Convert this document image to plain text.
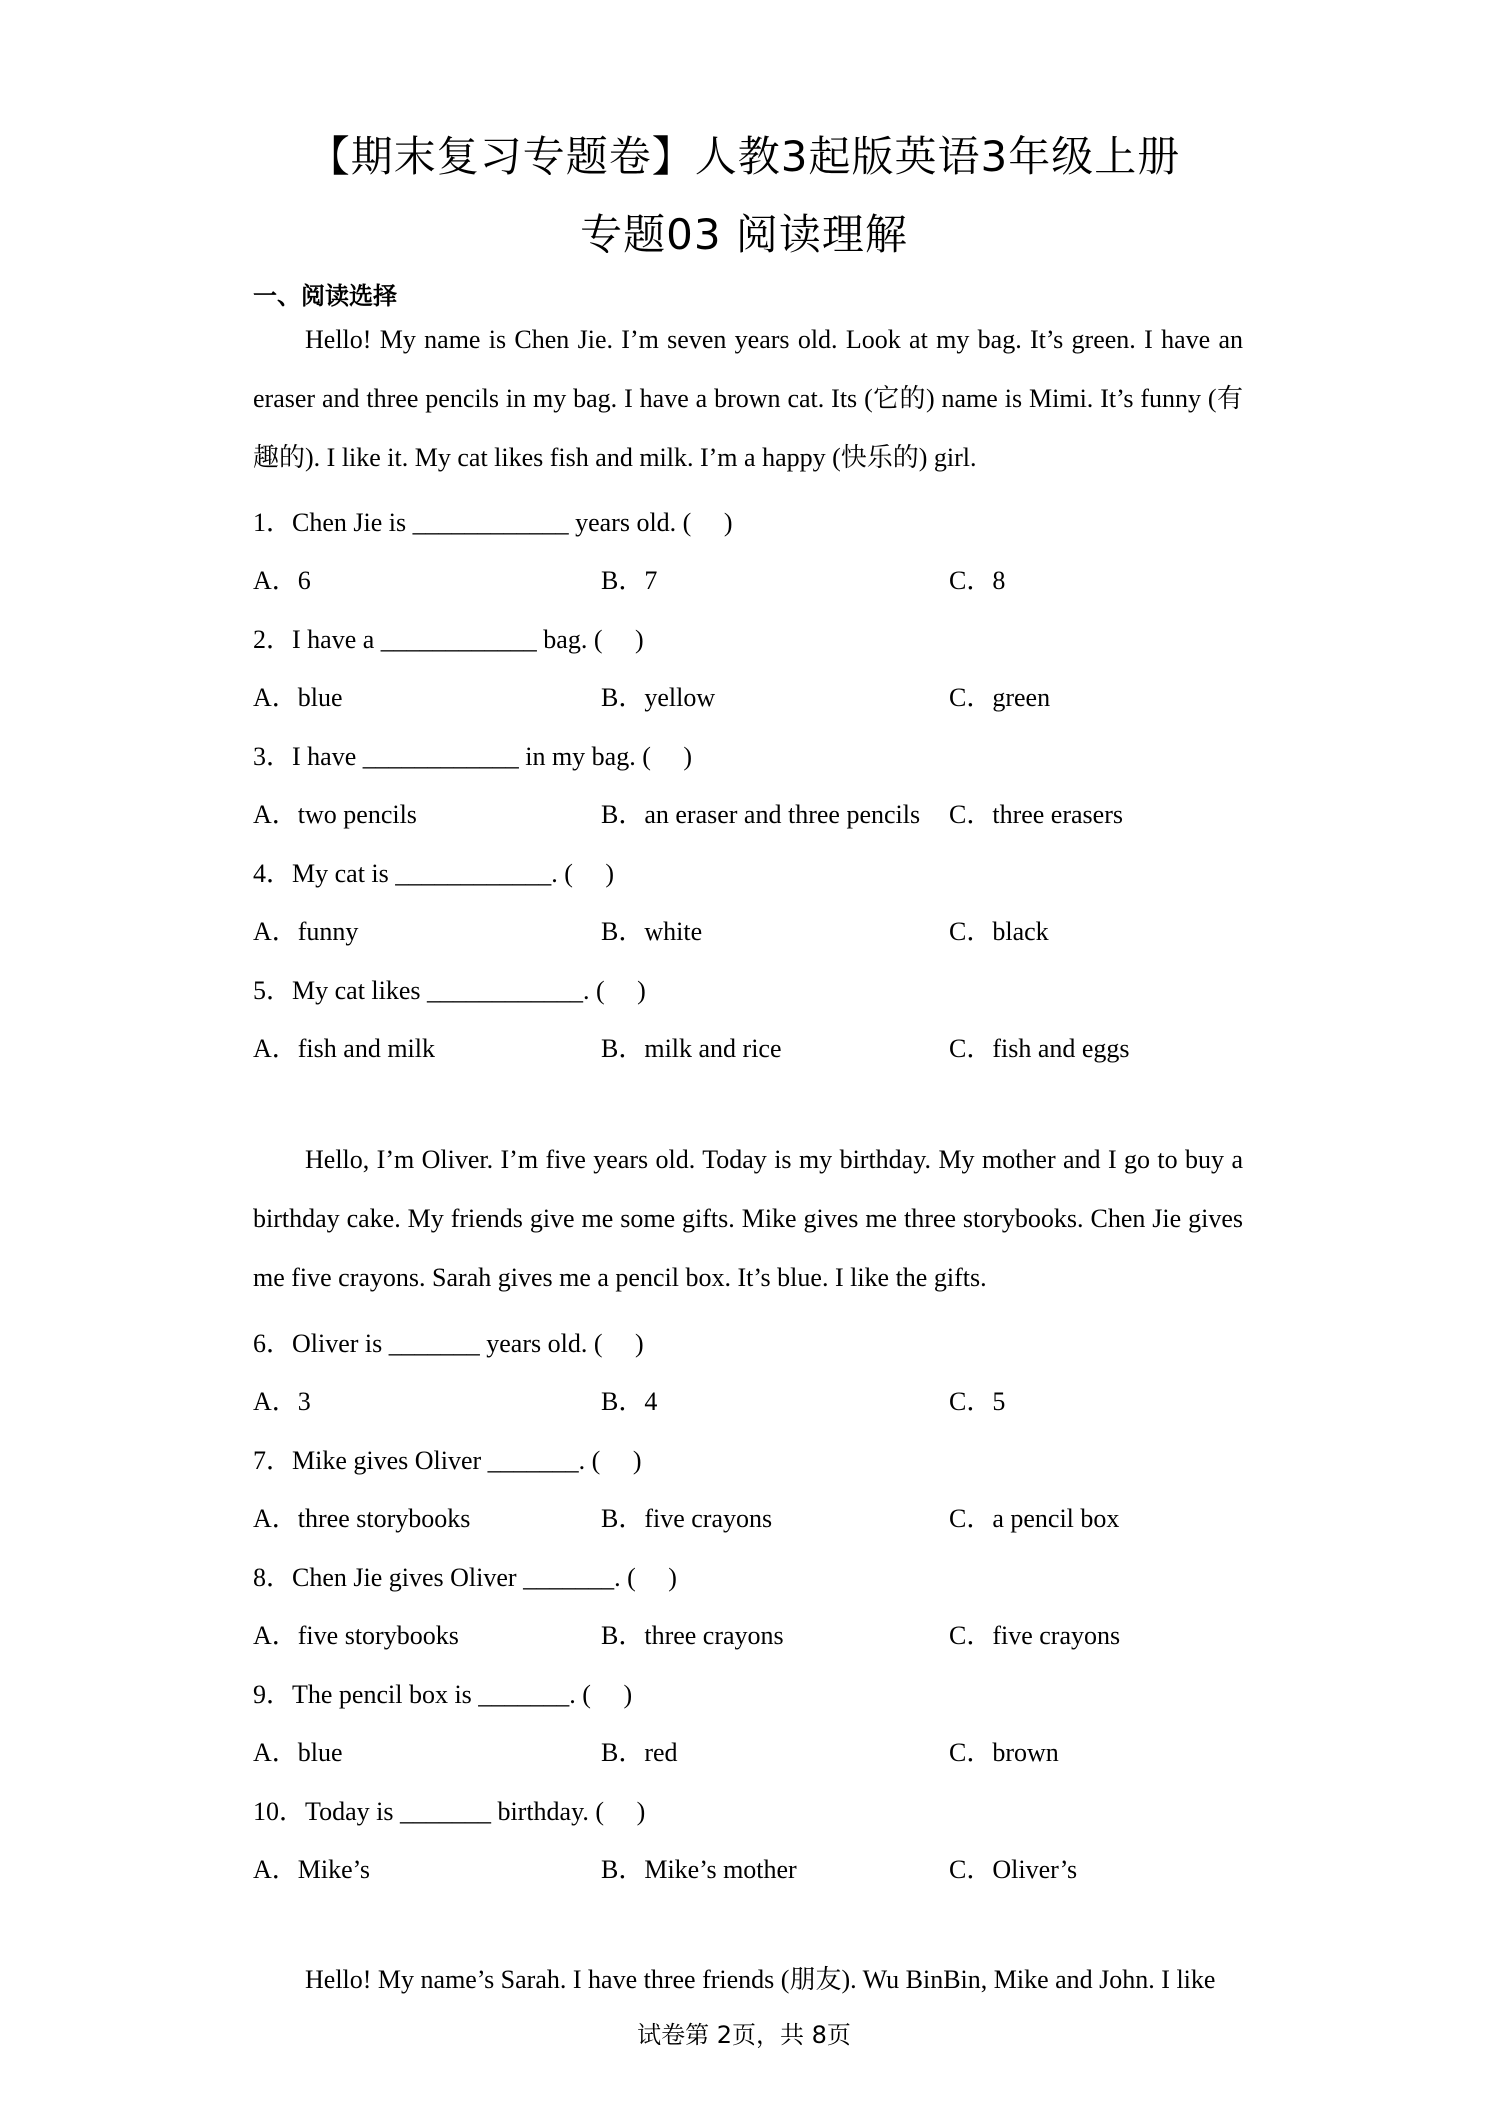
【期末复习专题卷】人教3起版英语3年级上册
专题03 阅读理解
一、阅读选择
Hello! My name is Chen Jie. I’m seven years old. Look at my bag. It’s green. I have an eraser and three pencils in my bag. I have a brown cat. Its (它的) name is Mimi. It’s funny (有趣的). I like it. My cat likes fish and milk. I’m a happy (快乐的) girl.
1．Chen Jie is ____________ years old. (     )
A．6	B．7	C．8
2．I have a ____________ bag. (     )
A．blue	B．yellow	C．green
3．I have ____________ in my bag. (     )
A．two pencils	B．an eraser and three pencils C．three erasers
4．My cat is ____________. (     )
A．funny	B．white	C．black
5．My cat likes ____________. (     )
A．fish and milk	B．milk and rice	C．fish and eggs
Hello, I’m Oliver. I’m five years old. Today is my birthday. My mother and I go to buy a birthday cake. My friends give me some gifts. Mike gives me three storybooks. Chen Jie gives me five crayons. Sarah gives me a pencil box. It’s blue. I like the gifts.
6．Oliver is _______ years old. (     )
A．3	B．4	C．5
7．Mike gives Oliver _______. (     )
A．three storybooks	B．five crayons	C．a pencil box
8．Chen Jie gives Oliver _______. (     )
A．five storybooks	B．three crayons	C．five crayons
9．The pencil box is _______. (     )
A．blue	B．red	C．brown
10．Today is _______ birthday. (     )
A．Mike’s	B．Mike’s mother	C．Oliver’s
Hello! My name’s Sarah. I have three friends (朋友). Wu BinBin, Mike and John. I like
试卷第 2页，共 8页
